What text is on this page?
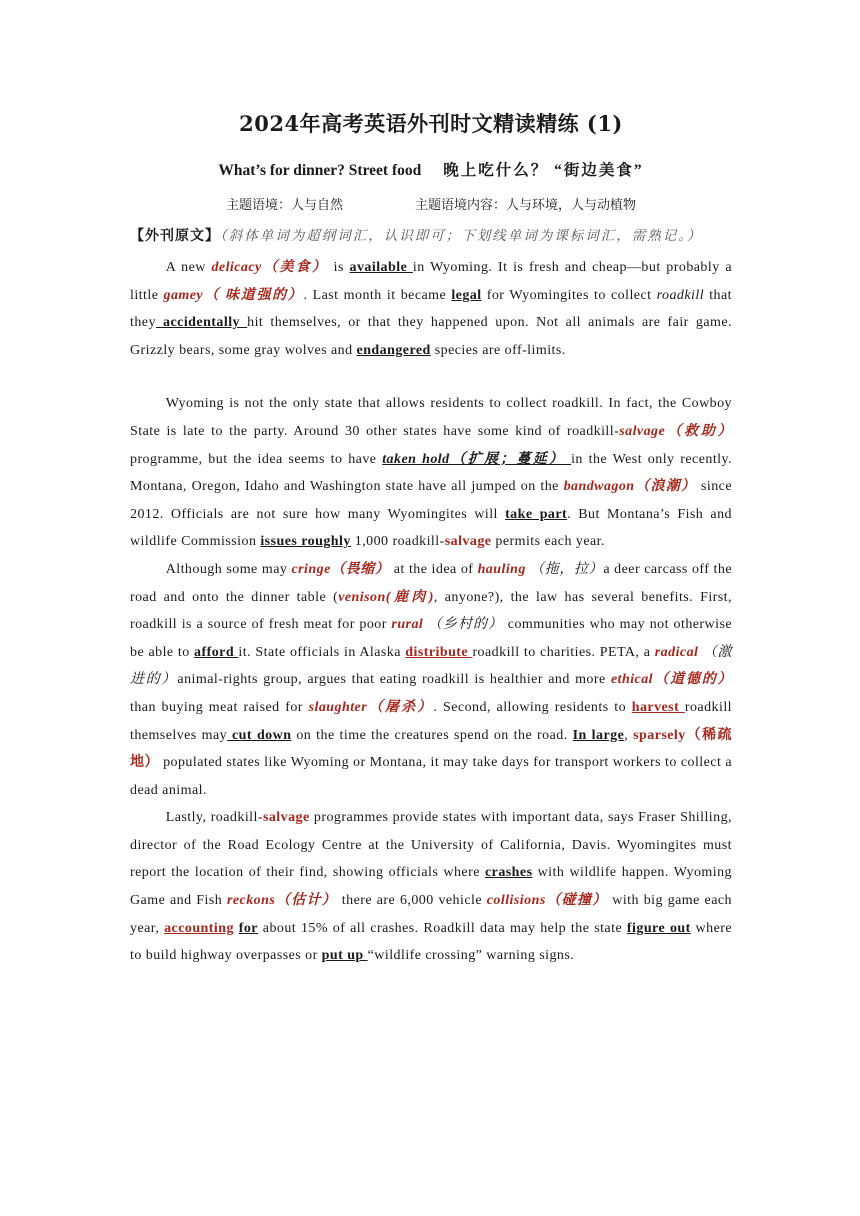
2024年高考英语外刊时文精读精练 (1)
What’s for dinner? Street food 晚上吃什么？ “街边美食”
主题语境：人与自然	主题语境内容：人与环境，人与动植物
【外刊原文】（斜体单词为超纲词汇，认识即可；下划线单词为课标词汇，需熟记。）

A new delicacy（美食） is available in Wyoming. It is fresh and cheap—but probably a little gamey（ 味道强的）. Last month it became legal for Wyomingites to collect roadkill that they accidentally hit themselves, or that they happened upon. Not all animals are fair game. Grizzly bears, some gray wolves and endangered species are off-limits.

Wyoming is not the only state that allows residents to collect roadkill. In fact, the Cowboy State is late to the party. Around 30 other states have some kind of roadkill-salvage（救助） programme, but the idea seems to have taken hold（扩展；蔓延） in the West only recently. Montana, Oregon, Idaho and Washington state have all jumped on the bandwagon（浪潮） since 2012. Officials are not sure how many Wyomingites will take part. But Montana’s Fish and wildlife Commission issues roughly 1,000 roadkill-salvage permits each year.

Although some may cringe（畏缩） at the idea of hauling （拖，拉）a deer carcass off the road and onto the dinner table (venison(鹿肉), anyone?), the law has several benefits. First, roadkill is a source of fresh meat for poor rural （乡村的） communities who may not otherwise be able to afford it. State officials in Alaska distribute roadkill to charities. PETA, a radical （激进的）animal-rights group, argues that eating roadkill is healthier and more ethical（道德的） than buying meat raised for slaughter（屠杀）. Second, allowing residents to harvest roadkill themselves may cut down on the time the creatures spend on the road. In large, sparsely（稀疏地） populated states like Wyoming or Montana, it may take days for transport workers to collect a dead animal.

Lastly, roadkill-salvage programmes provide states with important data, says Fraser Shilling, director of the Road Ecology Centre at the University of California, Davis. Wyomingites must report the location of their find, showing officials where crashes with wildlife happen. Wyoming Game and Fish reckons（估计） there are 6,000 vehicle collisions（碰撞） with big game each year, accounting for about 15% of all crashes. Roadkill data may help the state figure out where to build highway overpasses or put up “wildlife crossing” warning signs.
